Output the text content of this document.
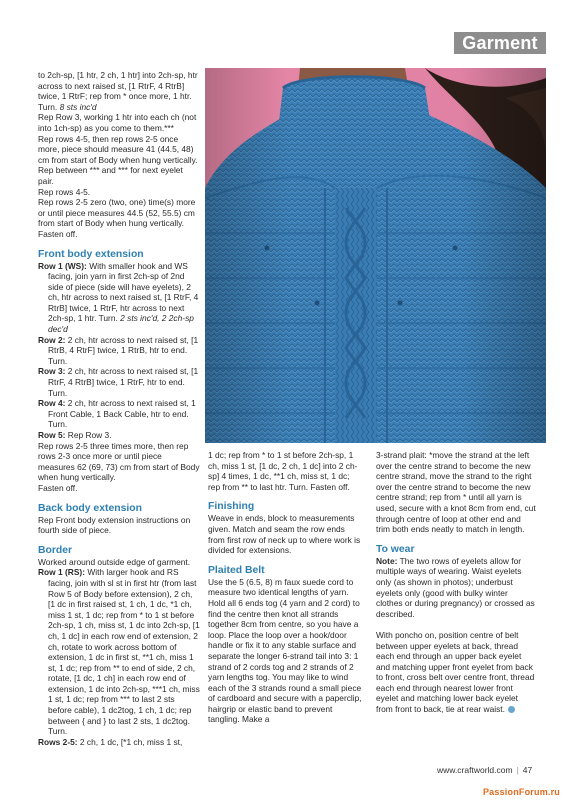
Garment

to 2ch-sp, [1 htr, 2 ch, 1 htr] into 2ch-sp, htr across to next raised st, [1 RtrF, 4 RtrB] twice, 1 RtrF; rep from * once more, 1 htr. Turn. 8 sts inc'd

Rep Row 3, working 1 htr into each ch (not into 1ch-sp) as you come to them.***

Rep rows 4-5, then rep rows 2-5 once more, piece should measure 41 (44.5, 48) cm from start of Body when hung vertically.

Rep between *** and *** for next eyelet pair.

Rep rows 4-5.

Rep rows 2-5 zero (two, one) time(s) more or until piece measures 44.5 (52, 55.5) cm from start of Body when hung vertically. Fasten off.

Front body extension

Row 1 (WS): With smaller hook and WS facing, join yarn in first 2ch-sp of 2nd side of piece (side will have eyelets), 2 ch, htr across to next raised st, [1 RtrF, 4 RtrB] twice, 1 RtrF, htr across to next 2ch-sp, 1 htr. Turn. 2 sts inc'd, 2 2ch-sp dec'd

Row 2: 2 ch, htr across to next raised st, [1 RtrB, 4 RtrF] twice, 1 RtrB, htr to end. Turn.

Row 3: 2 ch, htr across to next raised st, [1 RtrF, 4 RtrB] twice, 1 RtrF, htr to end. Turn.

Row 4: 2 ch, htr across to next raised st, 1 Front Cable, 1 Back Cable, htr to end. Turn.

Row 5: Rep Row 3.

Rep rows 2-5 three times more, then rep rows 2-3 once more or until piece measures 62 (69, 73) cm from start of Body when hung vertically.

Fasten off.

Back body extension

Rep Front body extension instructions on fourth side of piece.

Border

Worked around outside edge of garment.

Row 1 (RS): With larger hook and RS facing, join with sl st in first htr (from last Row 5 of Body before extension), 2 ch, [1 dc in first raised st, 1 ch, 1 dc, *1 ch, miss 1 st, 1 dc; rep from * to 1 st before 2ch-sp, 1 ch, miss st, 1 dc into 2ch-sp, [1 ch, 1 dc] in each row end of extension, 2 ch, rotate to work across bottom of extension, 1 dc in first st, **1 ch, miss 1 st, 1 dc; rep from ** to end of side, 2 ch, rotate, [1 dc, 1 ch] in each row end of extension, 1 dc into 2ch-sp, ***1 ch, miss 1 st, 1 dc; rep from *** to last 2 sts before cable), 1 dc2tog, 1 ch, 1 dc; rep between { and } to last 2 sts, 1 dc2tog. Turn.

Rows 2-5: 2 ch, 1 dc, [*1 ch, miss 1 st,

1 dc; rep from * to 1 st before 2ch-sp, 1 ch, miss 1 st, [1 dc, 2 ch, 1 dc] into 2 ch-sp] 4 times, 1 dc, **1 ch, miss st, 1 dc; rep from ** to last htr. Turn. Fasten off.

Finishing

Weave in ends, block to measurements given. Match and seam the row ends from first row of neck up to where work is divided for extensions.

Plaited Belt

Use the 5 (6.5, 8) m faux suede cord to measure two identical lengths of yarn. Hold all 6 ends tog (4 yarn and 2 cord) to find the centre then knot all strands together 8cm from centre, so you have a loop. Place the loop over a hook/door handle or fix it to any stable surface and separate the longer 6-strand tail into 3: 1 strand of 2 cords tog and 2 strands of 2 yarn lengths tog. You may like to wind each of the 3 strands round a small piece of cardboard and secure with a paperclip, hairgrip or elastic band to prevent tangling. Make a

3-strand plait: *move the strand at the left over the centre strand to become the new centre strand, move the strand to the right over the centre strand to become the new centre strand; rep from * until all yarn is used, secure with a knot 8cm from end, cut through centre of loop at other end and trim both ends neatly to match in length.

To wear

Note: The two rows of eyelets allow for multiple ways of wearing. Waist eyelets only (as shown in photos); underbust eyelets only (good with bulky winter clothes or during pregnancy) or crossed as described.

With poncho on, position centre of belt between upper eyelets at back, thread each end through an upper back eyelet and matching upper front eyelet from back to front, cross belt over centre front, thread each end through nearest lower front eyelet and matching lower back eyelet from front to back, tie at rear waist.

www.craftworld.com | 47
PassionForum.ru
